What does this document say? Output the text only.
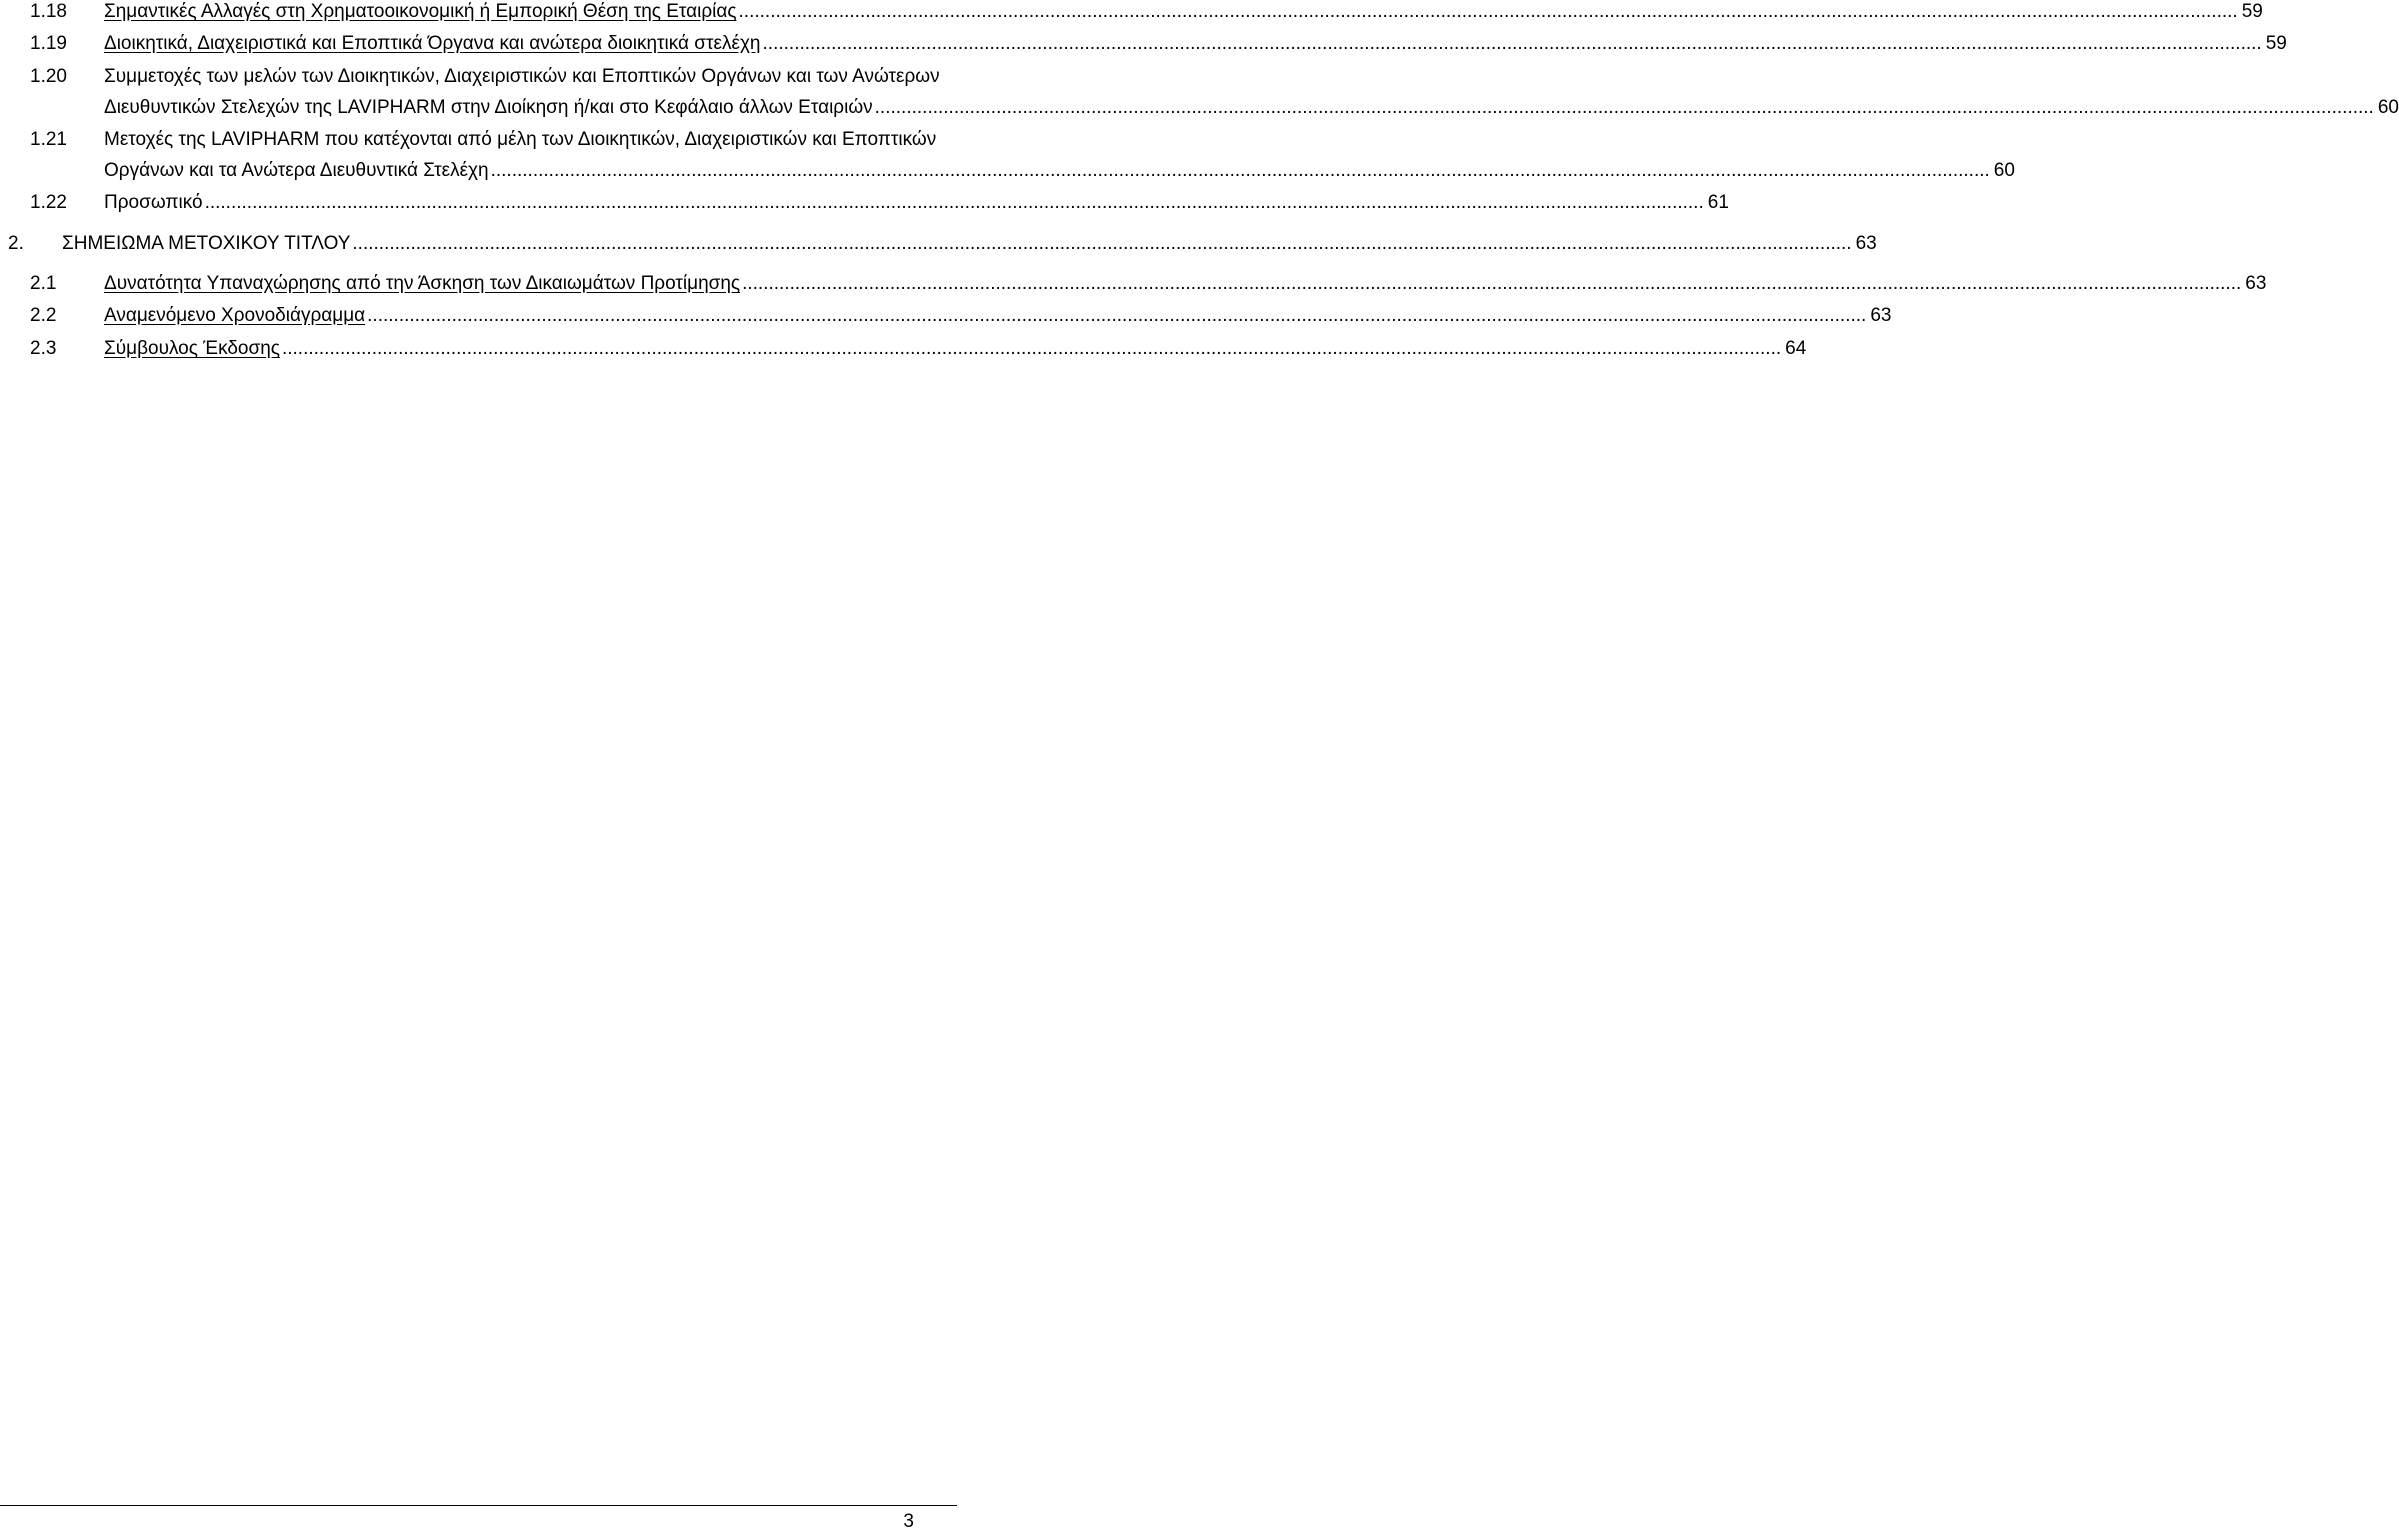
1.18 Σημαντικές Αλλαγές στη Χρηματοοικονομική ή Εμπορική Θέση της Εταιρίας .....	59
1.19 Διοικητικά, Διαχειριστικά και Εποπτικά Όργανα και ανώτερα διοικητικά στελέχη .....	59
1.20 Συμμετοχές των μελών των Διοικητικών, Διαχειριστικών και Εποπτικών Οργάνων και των Ανώτερων
Διευθυντικών Στελεχών της LAVIPHARM στην Διοίκηση ή/και στο Κεφάλαιο άλλων Εταιριών .....	60
1.21 Μετοχές της LAVIPHARM που κατέχονται από μέλη των Διοικητικών, Διαχειριστικών και Εποπτικών
Οργάνων και τα Ανώτερα Διευθυντικά Στελέχη .....	60
1.22 Προσωπικό .....	61
2. ΣΗΜΕΙΩΜΑ ΜΕΤΟΧΙΚΟΥ ΤΙΤΛΟΥ .....	63
2.1	Δυνατότητα Υπαναχώρησης από την Άσκηση των Δικαιωμάτων Προτίμησης .....	63
2.2	Αναμενόμενο Χρονοδιάγραμμα .....	63
2.3	Σύμβουλος Έκδοσης .....	64
3
